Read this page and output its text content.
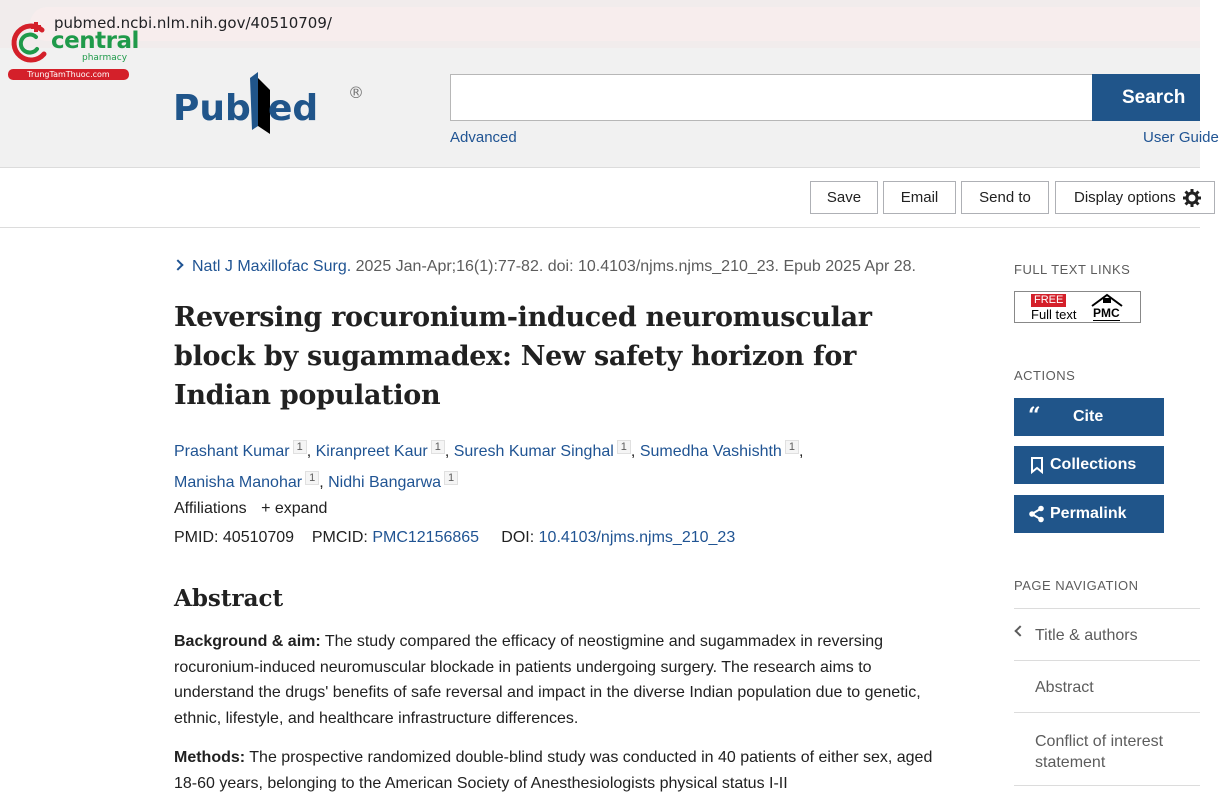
pubmed.ncbi.nlm.nih.gov/40510709/
central
pharmacy
TrungTamThuoc.com
Pub ed ®	Search
Advanced	User Guide
Save	Email	Send to	Display options
Natl J Maxillofac Surg. 2025 Jan-Apr;16(1):77-82. doi: 10.4103/njms.njms_210_23. Epub 2025 Apr 28.
Reversing rocuronium-induced neuromuscular block by sugammadex: New safety horizon for Indian population
Prashant Kumar $^1$ , Kiranpreet Kaur $^1$ , Suresh Kumar Singhal $^1$ , Sumedha Vashishth $^1$ ,
Manisha Manohar $^1$ , Nidhi Bangarwa $^1$
Affiliations + expand
PMID: 40510709 PMCID: PMC12156865 DOI: 10.4103/njms.njms_210_23
Abstract

Background & aim: The study compared the efficacy of neostigmine and sugammadex in reversing rocuronium-induced neuromuscular blockade in patients undergoing surgery. The research aims to understand the drugs' benefits of safe reversal and impact in the diverse Indian population due to genetic, ethnic, lifestyle, and healthcare infrastructure differences.

Methods: The prospective randomized double-blind study was conducted in 40 patients of either sex, aged 18-60 years, belonging to the American Society of Anesthesiologists physical status I-II

FULL TEXT LINKS
FREE
Full text PMC
ACTIONS
“	Cite
Collections
Permalink
PAGE NAVIGATION
Title & authors
Abstract
Conflict of interest statement
